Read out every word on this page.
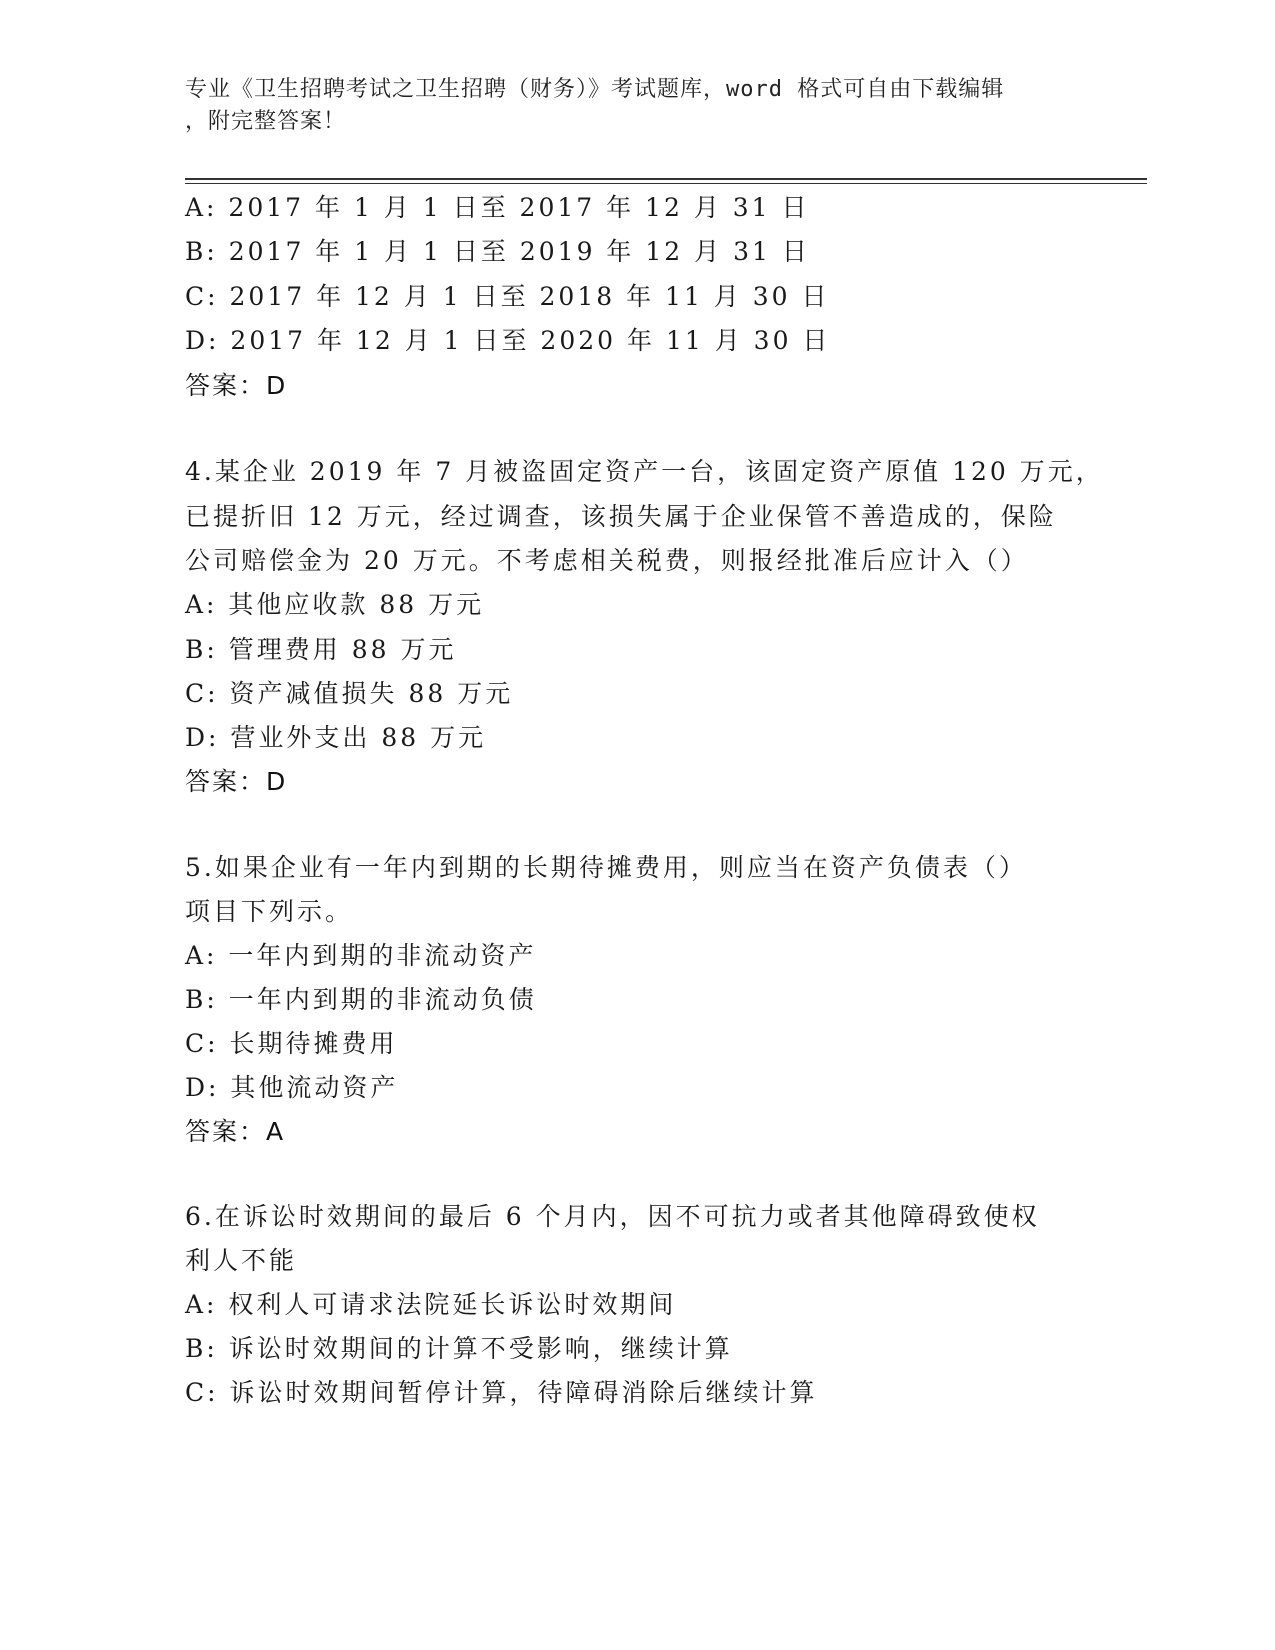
专业《卫生招聘考试之卫生招聘（财务）》考试题库，word 格式可自由下载编辑
，附完整答案！
A: 2017 年 1 月 1 日至 2017 年 12 月 31 日
B: 2017 年 1 月 1 日至 2019 年 12 月 31 日
C: 2017 年 12 月 1 日至 2018 年 11 月 30 日
D: 2017 年 12 月 1 日至 2020 年 11 月 30 日
答案：D
4.某企业 2019 年 7 月被盗固定资产一台，该固定资产原值 120 万元，
已提折旧 12 万元，经过调查，该损失属于企业保管不善造成的，保险
公司赔偿金为 20 万元。不考虑相关税费，则报经批准后应计入（）
A: 其他应收款 88 万元
B: 管理费用 88 万元
C: 资产减值损失 88 万元
D: 营业外支出 88 万元
答案：D
5.如果企业有一年内到期的长期待摊费用，则应当在资产负债表（）
项目下列示。
A: 一年内到期的非流动资产
B: 一年内到期的非流动负债
C: 长期待摊费用
D: 其他流动资产
答案：A
6.在诉讼时效期间的最后 6 个月内，因不可抗力或者其他障碍致使权
利人不能
A: 权利人可请求法院延长诉讼时效期间
B: 诉讼时效期间的计算不受影响，继续计算
C: 诉讼时效期间暂停计算，待障碍消除后继续计算
